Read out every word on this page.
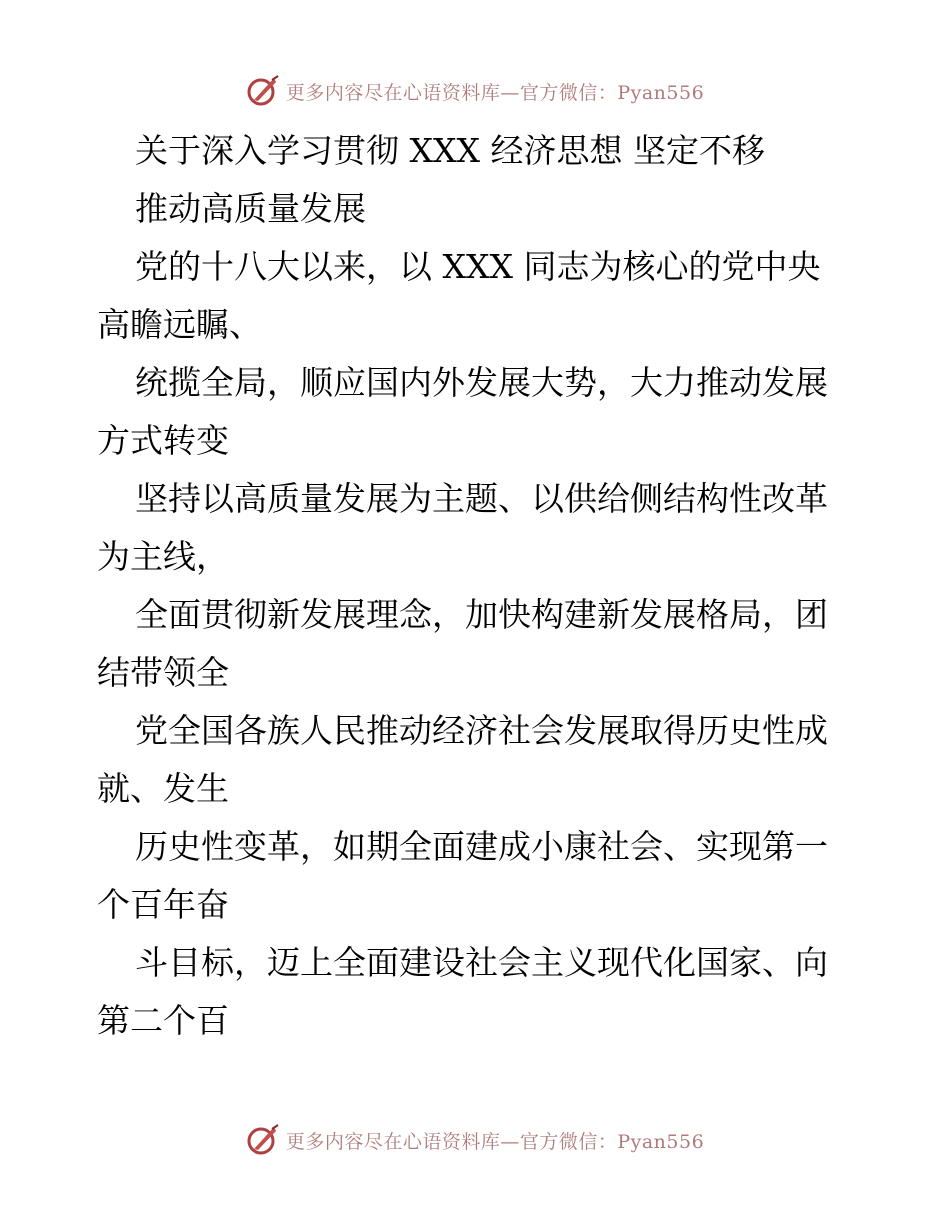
更多内容尽在心语资料库—官方微信：Pyan556
关于深入学习贯彻 XXX 经济思想 坚定不移
推动高质量发展
党的十八大以来，以 XXX 同志为核心的党中央
高瞻远瞩、
统揽全局，顺应国内外发展大势，大力推动发展
方式转变
坚持以高质量发展为主题、以供给侧结构性改革
为主线，
全面贯彻新发展理念，加快构建新发展格局，团
结带领全
党全国各族人民推动经济社会发展取得历史性成
就、发生
历史性变革，如期全面建成小康社会、实现第一
个百年奋
斗目标，迈上全面建设社会主义现代化国家、向
第二个百
更多内容尽在心语资料库—官方微信：Pyan556
